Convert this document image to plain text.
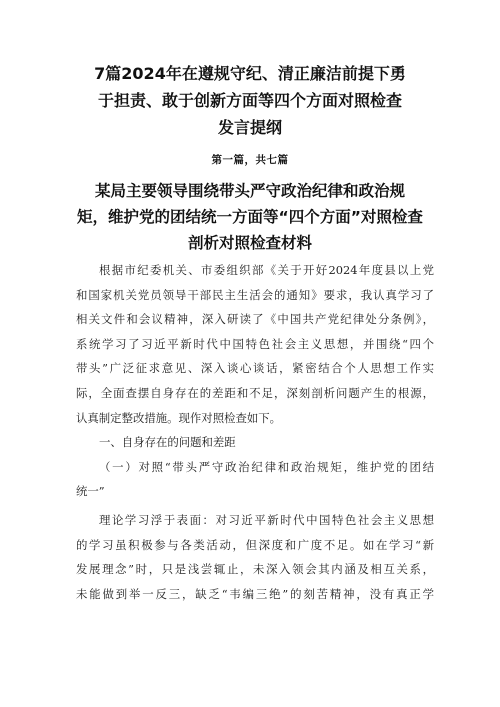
7篇2024年在遵规守纪、清正廉洁前提下勇
于担责、敢于创新方面等四个方面对照检查
发言提纲

第一篇，共七篇

某局主要领导围绕带头严守政治纪律和政治规
矩，维护党的团结统一方面等“四个方面”对照检查
剖析对照检查材料
根据市纪委机关、市委组织部《关于开好2024年度县以上党
和国家机关党员领导干部民主生活会的通知》要求，我认真学习了
相关文件和会议精神，深入研读了《中国共产党纪律处分条例》，
系统学习了习近平新时代中国特色社会主义思想，并围绕“四个
带头”广泛征求意见、深入谈心谈话，紧密结合个人思想工作实
际，全面查摆自身存在的差距和不足，深刻剖析问题产生的根源，
认真制定整改措施。现作对照检查如下。
一、自身存在的问题和差距
（一）对照“带头严守政治纪律和政治规矩，维护党的团结
统一”
理论学习浮于表面：对习近平新时代中国特色社会主义思想
的学习虽积极参与各类活动，但深度和广度不足。如在学习“新
发展理念”时，只是浅尝辄止，未深入领会其内涵及相互关系，
未能做到举一反三，缺乏“韦编三绝”的刻苦精神，没有真正学
